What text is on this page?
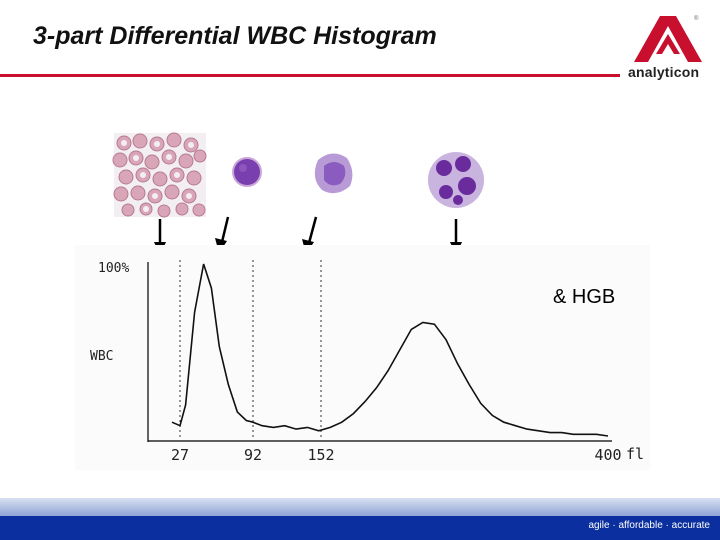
3-part Differential WBC Histogram
®
analyticon
100%
WBC
fl
27	92	152	400
& HGB
agile · affordable · accurate
